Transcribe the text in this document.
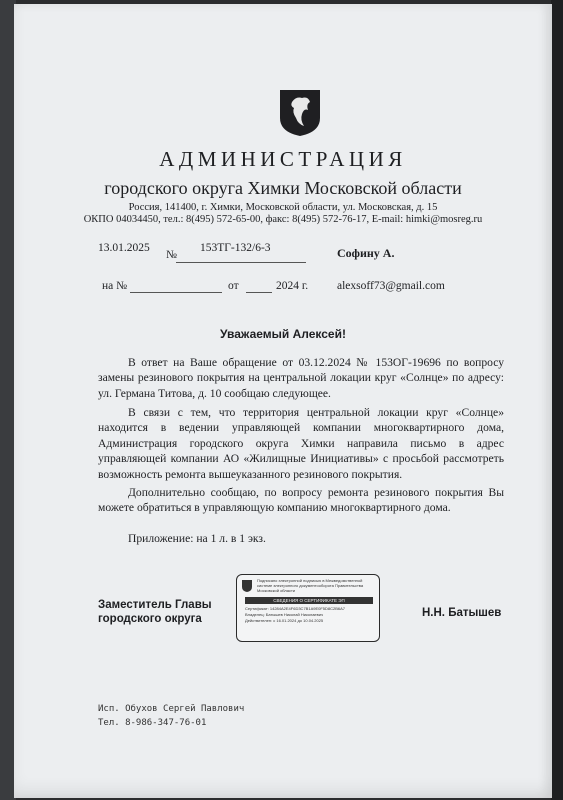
АДМИНИСТРАЦИЯ
городского округа Химки Московской области
Россия, 141400, г. Химки, Московской области, ул. Московская, д. 15
ОКПО 04034450, тел.: 8(495) 572-65-00, факс: 8(495) 572-76-17, E-mail: himki@mosreg.ru
13.01.2025
№
153ТГ-132/6-3	Софину А.
на №	от	2024 г.	alexsoff73@gmail.com
Уважаемый Алексей!

В ответ на Ваше обращение от 03.12.2024 № 153ОГ-19696 по вопросу замены резинового покрытия на центральной локации круг «Солнце» по адресу: ул. Германа Титова, д. 10 сообщаю следующее.

В связи с тем, что территория центральной локации круг «Солнце» находится в ведении управляющей компании многоквартирного дома, Администрация городского округа Химки направила письмо в адрес управляющей компании АО «Жилищные Инициативы» с просьбой рассмотреть возможность ремонта вышеуказанного резинового покрытия.

Дополнительно сообщаю, по вопросу ремонта резинового покрытия Вы можете обратиться в управляющую компанию многоквартирного дома.

Приложение: на 1 л. в 1 экз.
Заместитель Главы
городского округа
Подписано электронной подписью в Межведомственной системе электронного документооборота Правительства Московской области
СВЕДЕНИЯ О СЕРТИФИКАТЕ ЭП
Сертификат: 14284A2E4F6D3C7B1A9E0F5D8C2B6A7
Владелец: Батышев Николай Николаевич
Действителен: с 16.01.2024 до 10.04.2025
Н.Н. Батышев
Исп. Обухов Сергей Павлович
Тел. 8-986-347-76-01
